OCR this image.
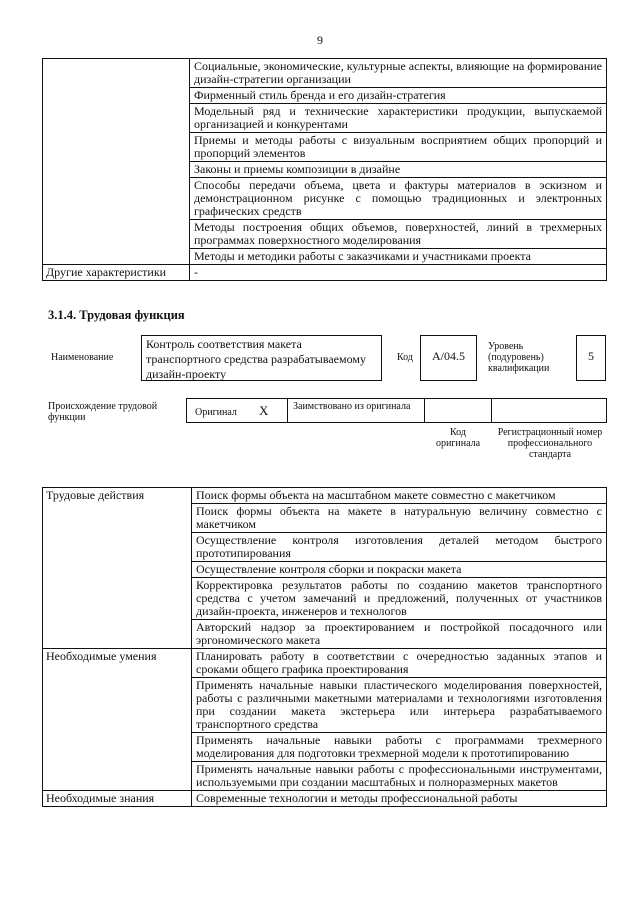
9
	Социальные, экономические, культурные аспекты, влияющие на формирование дизайн-стратегии организации
	Фирменный стиль бренда и его дизайн-стратегия
	Модельный ряд и технические характеристики продукции, выпускаемой организацией и конкурентами
	Приемы и методы работы с визуальным восприятием общих пропорций и пропорций элементов
	Законы и приемы композиции в дизайне
	Способы передачи объема, цвета и фактуры материалов в эскизном и демонстрационном рисунке с помощью традиционных и электронных графических средств
	Методы построения общих объемов, поверхностей, линий в трехмерных программах поверхностного моделирования
	Методы и методики работы с заказчиками и участниками проекта
Другие характеристики	-
3.1.4. Трудовая функция
Наименование
Контроль соответствия макета транспортного средства разрабатываемому дизайн-проекту
Код	А/04.5
Уровень (подуровень) квалификации
5
Происхождение трудовой функции	Оригинал X Заимствовано из оригинала
Код оригинала
Регистрационный номер профессионального стандарта
Трудовые действия	Поиск формы объекта на масштабном макете совместно с макетчиком
	Поиск формы объекта на макете в натуральную величину совместно с макетчиком
	Осуществление контроля изготовления деталей методом быстрого прототипирования
	Осуществление контроля сборки и покраски макета
	Корректировка результатов работы по созданию макетов транспортного средства с учетом замечаний и предложений, полученных от участников дизайн-проекта, инженеров и технологов
	Авторский надзор за проектированием и постройкой посадочного или эргономического макета
Необходимые умения	Планировать работу в соответствии с очередностью заданных этапов и сроками общего графика проектирования
	Применять начальные навыки пластического моделирования поверхностей, работы с различными макетными материалами и технологиями изготовления при создании макета экстерьера или интерьера разрабатываемого транспортного средства
	Применять начальные навыки работы с программами трехмерного моделирования для подготовки трехмерной модели к прототипированию
	Применять начальные навыки работы с профессиональными инструментами, используемыми при создании масштабных и полноразмерных макетов
Необходимые знания	Современные технологии и методы профессиональной работы
